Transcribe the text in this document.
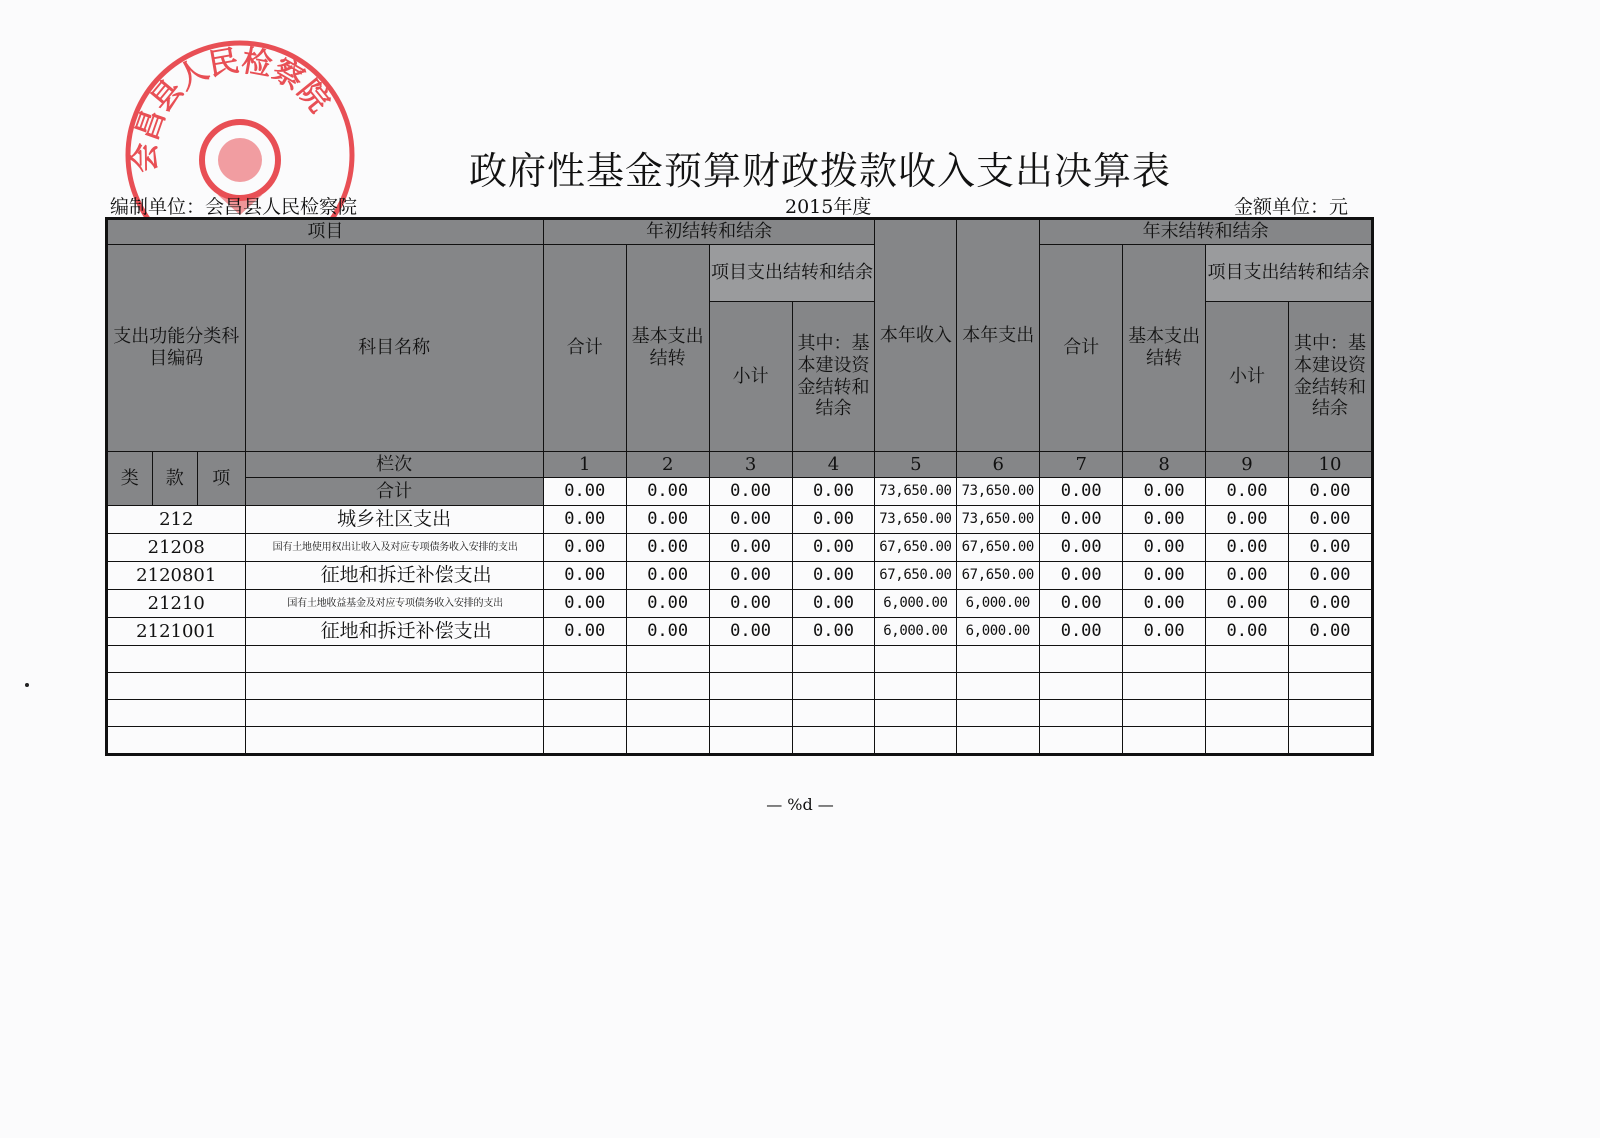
会昌县人民检察院
政府性基金预算财政拨款收入支出决算表
编制单位：会昌县人民检察院	2015年度	金额单位：元
项目				年初结转和结余				本年收入	本年支出	年末结转和结余			
支出功能分类科目编码			科目名称	合计	基本支出结转	项目支出结转和结余				合计	基本支出结转	项目支出结转和结余	
						小计	其中：基本建设资金结转和结余					小计	其中：基本建设资金结转和结余
类	款	项	栏次	1	2	3	4	5	6	7	8	9	10
			合计	0.00	0.00	0.00	0.00	73,650.00	73,650.00	0.00	0.00	0.00	0.00
212			城乡社区支出	0.00	0.00	0.00	0.00	73,650.00	73,650.00	0.00	0.00	0.00	0.00
21208			国有土地使用权出让收入及对应专项债务收入安排的支出	0.00	0.00	0.00	0.00	67,650.00	67,650.00	0.00	0.00	0.00	0.00
2120801			征地和拆迁补偿支出	0.00	0.00	0.00	0.00	67,650.00	67,650.00	0.00	0.00	0.00	0.00
21210			国有土地收益基金及对应专项债务收入安排的支出	0.00	0.00	0.00	0.00	6,000.00	6,000.00	0.00	0.00	0.00	0.00
2121001			征地和拆迁补偿支出	0.00	0.00	0.00	0.00	6,000.00	6,000.00	0.00	0.00	0.00	0.00

— %d —
